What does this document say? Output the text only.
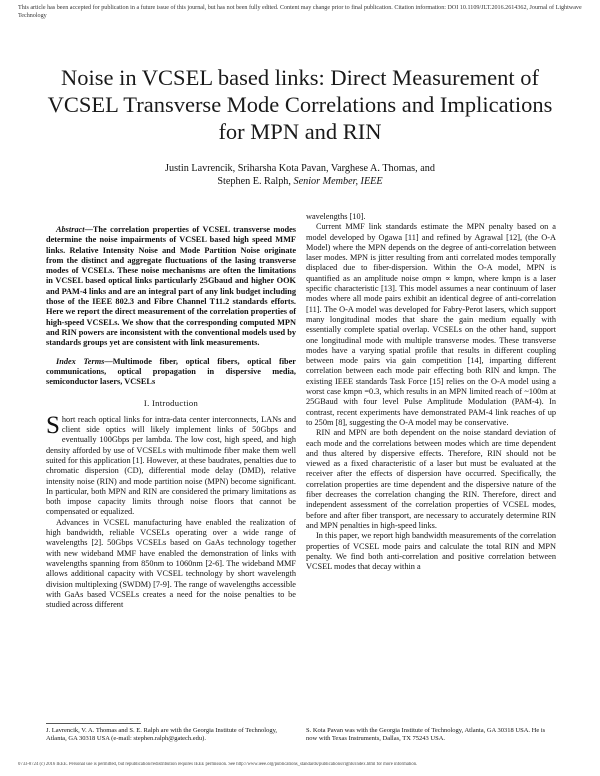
This article has been accepted for publication in a future issue of this journal, but has not been fully edited. Content may change prior to final publication. Citation information: DOI 10.1109/JLT.2016.2614362, Journal of Lightwave Technology
Noise in VCSEL based links: Direct Measurement of VCSEL Transverse Mode Correlations and Implications for MPN and RIN
Justin Lavrencik, Sriharsha Kota Pavan, Varghese A. Thomas, and
Stephen E. Ralph, Senior Member, IEEE

Abstract—The correlation properties of VCSEL transverse modes determine the noise impairments of VCSEL based high speed MMF links. Relative Intensity Noise and Mode Partition Noise originate from the distinct and aggregate fluctuations of the lasing transverse modes of VCSELs. These noise mechanisms are often the limitations in VCSEL based optical links particularly 25Gbaud and higher OOK and PAM-4 links and are an integral part of any link budget including those of the IEEE 802.3 and Fibre Channel T11.2 standards efforts. Here we report the direct measurement of the correlation properties of high-speed VCSELs. We show that the corresponding computed MPN and RIN powers are inconsistent with the conventional models used by standards groups yet are consistent with link measurements.

Index Terms—Multimode fiber, optical fibers, optical fiber communications, optical propagation in dispersive media, semiconductor lasers, VCSELs

I. Introduction

Short reach optical links for intra-data center interconnects, LANs and client side optics will likely implement links of 50Gbps and eventually 100Gbps per lambda. The low cost, high speed, and high density afforded by use of VCSELs with multimode fiber make them well suited for this application [1]. However, at these baudrates, penalties due to chromatic dispersion (CD), differential mode delay (DMD), relative intensity noise (RIN) and mode partition noise (MPN) become significant. In particular, both MPN and RIN are considered the primary limitations as both impose capacity limits through noise floors that cannot be compensated or equalized.

Advances in VCSEL manufacturing have enabled the realization of high bandwidth, reliable VCSELs operating over a wide range of wavelengths [2]. 50Gbps VCSELs based on GaAs technology together with new wideband MMF have enabled the demonstration of links with wavelengths spanning from 850nm to 1060nm [2-6]. The wideband MMF allows additional capacity with VCSEL technology by short wavelength division multiplexing (SWDM) [7-9]. The range of wavelengths accessible with GaAs based VCSELs creates a need for the noise penalties to be studied across different

wavelengths [10].

Current MMF link standards estimate the MPN penalty based on a model developed by Ogawa [11] and refined by Agrawal [12], (the O-A Model) where the MPN depends on the degree of anti-correlation between laser modes. MPN is jitter resulting from anti correlated modes temporally displaced due to fiber-dispersion. Within the O-A model, MPN is quantified as an amplitude noise σmpn ∝ kmpn, where kmpn is a laser specific characteristic [13]. This model assumes a near continuum of laser modes where all mode pairs exhibit an identical degree of anti-correlation [11]. The O-A model was developed for Fabry-Perot lasers, which support many longitudinal modes that share the gain medium equally with essentially complete spatial overlap. VCSELs on the other hand, support one longitudinal mode with multiple transverse modes. These transverse modes have a varying spatial profile that results in different coupling between mode pairs via gain competition [14], imparting different correlation between each mode pair effecting both RIN and kmpn. The existing IEEE standards Task Force [15] relies on the O-A model using a worst case kmpn =0.3, which results in an MPN limited reach of ~100m at 25GBaud with four level Pulse Amplitude Modulation (PAM-4). In contrast, recent experiments have demonstrated PAM-4 link reaches of up to 250m [8], suggesting the O-A model may be conservative.

RIN and MPN are both dependent on the noise standard deviation of each mode and the correlations between modes which are time dependent and thus altered by dispersive effects. Therefore, RIN should not be viewed as a fixed characteristic of a laser but must be evaluated at the receiver after the effects of dispersion have occurred. Specifically, the correlation properties are time dependent and the dispersive nature of the fiber decreases the correlation changing the RIN. Therefore, direct and independent assessment of the correlation properties of VCSEL modes, before and after fiber transport, are necessary to accurately determine RIN and MPN penalties in high-speed links.

In this paper, we report high bandwidth measurements of the correlation properties of VCSEL mode pairs and calculate the total RIN and MPN penalty. We find both anti-correlation and positive correlation between VCSEL modes that decay within a

J. Lavrencik, V. A. Thomas and S. E. Ralph are with the Georgia Institute of Technology, Atlanta, GA 30318 USA (e-mail: stephen.ralph@gatech.edu).
S. Kota Pavan was with the Georgia Institute of Technology, Atlanta, GA 30318 USA. He is now with Texas Instruments, Dallas, TX 75243 USA.
0733-8724 (c) 2016 IEEE. Personal use is permitted, but republication/redistribution requires IEEE permission. See http://www.ieee.org/publications_standards/publications/rights/index.html for more information.
